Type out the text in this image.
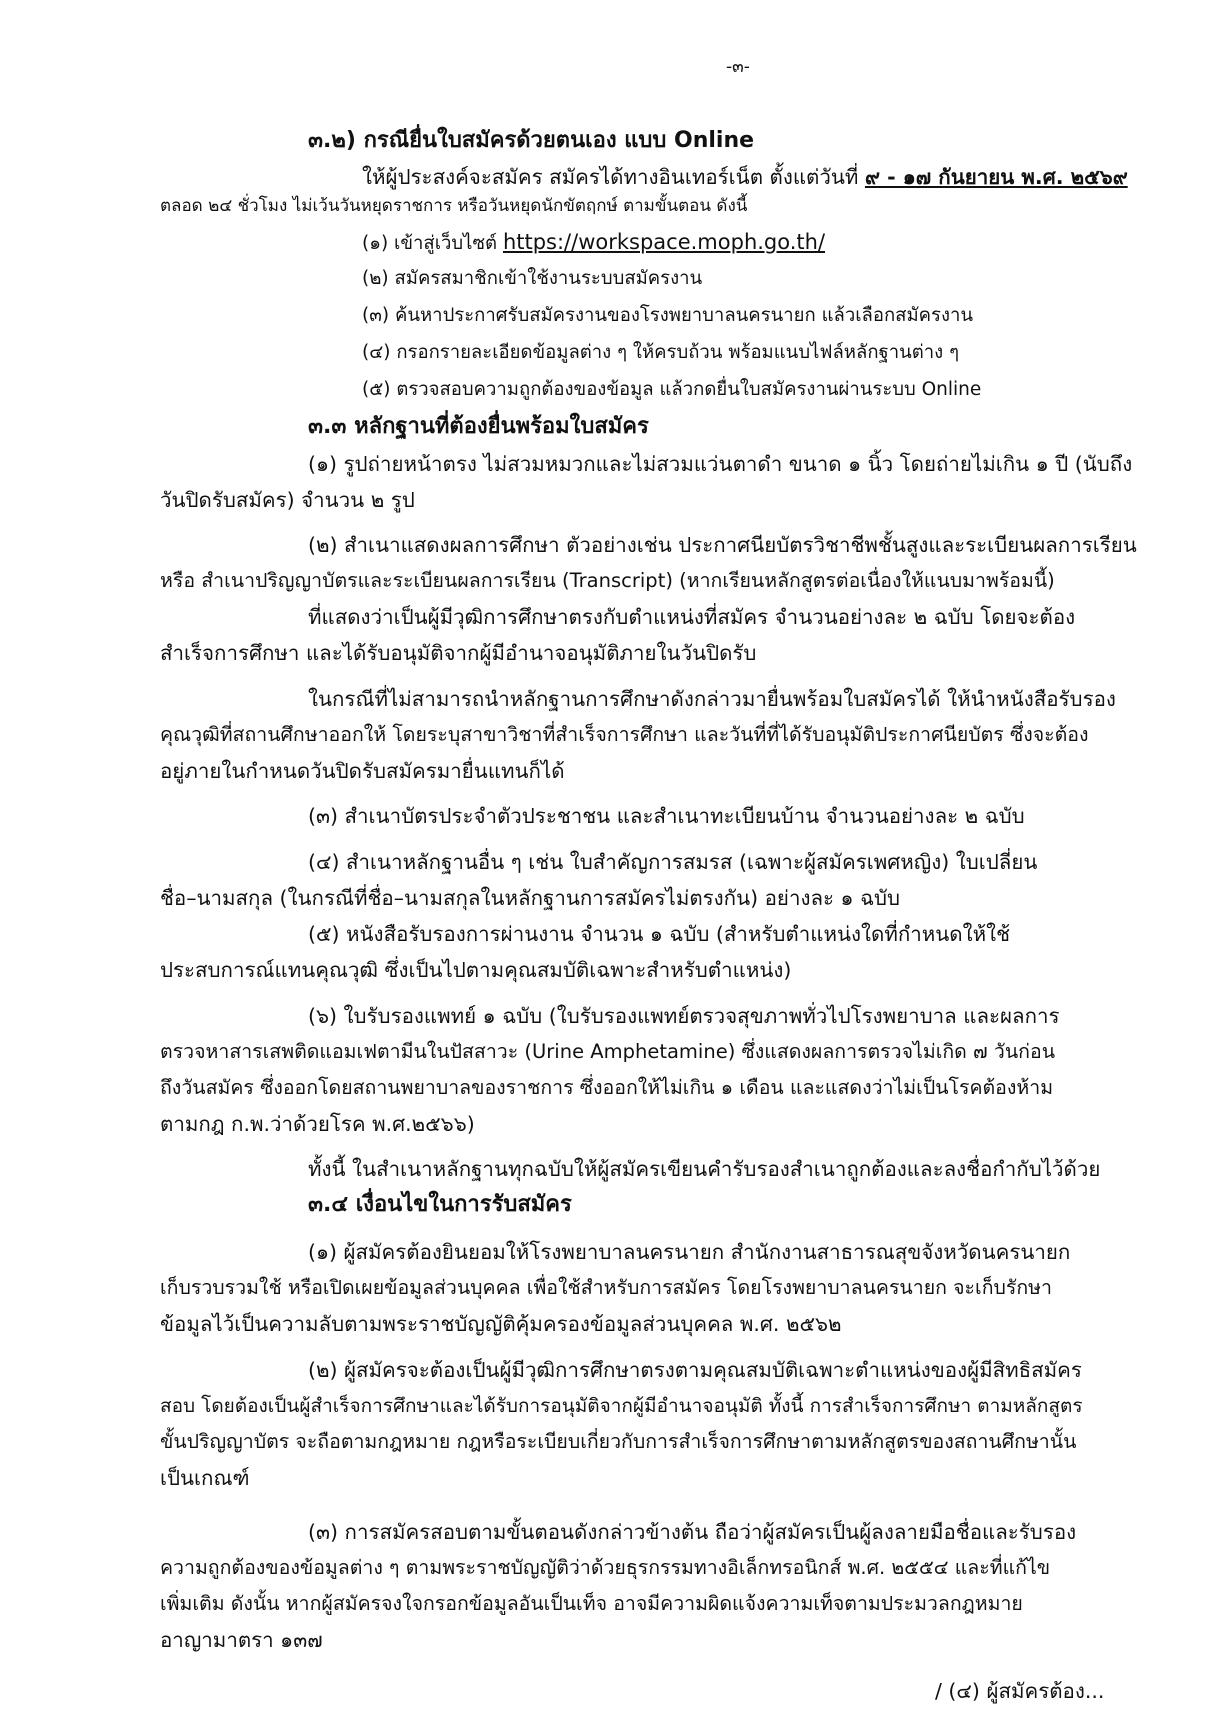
-๓-
๓.๒) กรณียื่นใบสมัครด้วยตนเอง แบบ Online
ให้ผู้ประสงค์จะสมัคร สมัครได้ทางอินเทอร์เน็ต ตั้งแต่วันที่ ๙ - ๑๗ กันยายน พ.ศ. ๒๕๖๙
ตลอด ๒๔ ชั่วโมง ไม่เว้นวันหยุดราชการ หรือวันหยุดนักขัตฤกษ์ ตามขั้นตอน ดังนี้
(๑) เข้าสู่เว็บไซต์ https://workspace.moph.go.th/
(๒) สมัครสมาชิกเข้าใช้งานระบบสมัครงาน
(๓) ค้นหาประกาศรับสมัครงานของโรงพยาบาลนครนายก แล้วเลือกสมัครงาน
(๔) กรอกรายละเอียดข้อมูลต่าง ๆ ให้ครบถ้วน พร้อมแนบไฟล์หลักฐานต่าง ๆ
(๕) ตรวจสอบความถูกต้องของข้อมูล แล้วกดยื่นใบสมัครงานผ่านระบบ Online
๓.๓ หลักฐานที่ต้องยื่นพร้อมใบสมัคร
(๑) รูปถ่ายหน้าตรง ไม่สวมหมวกและไม่สวมแว่นตาดำ ขนาด ๑ นิ้ว โดยถ่ายไม่เกิน ๑ ปี (นับถึง
วันปิดรับสมัคร) จำนวน ๒ รูป
(๒) สำเนาแสดงผลการศึกษา ตัวอย่างเช่น ประกาศนียบัตรวิชาชีพชั้นสูงและระเบียนผลการเรียน
หรือ สำเนาปริญญาบัตรและระเบียนผลการเรียน (Transcript) (หากเรียนหลักสูตรต่อเนื่องให้แนบมาพร้อมนี้)
ที่แสดงว่าเป็นผู้มีวุฒิการศึกษาตรงกับตำแหน่งที่สมัคร จำนวนอย่างละ ๒ ฉบับ โดยจะต้อง
สำเร็จการศึกษา และได้รับอนุมัติจากผู้มีอำนาจอนุมัติภายในวันปิดรับ
ในกรณีที่ไม่สามารถนำหลักฐานการศึกษาดังกล่าวมายื่นพร้อมใบสมัครได้ ให้นำหนังสือรับรอง
คุณวุฒิที่สถานศึกษาออกให้ โดยระบุสาขาวิชาที่สำเร็จการศึกษา และวันที่ที่ได้รับอนุมัติประกาศนียบัตร ซึ่งจะต้อง
อยู่ภายในกำหนดวันปิดรับสมัครมายื่นแทนก็ได้
(๓) สำเนาบัตรประจำตัวประชาชน และสำเนาทะเบียนบ้าน จำนวนอย่างละ ๒ ฉบับ
(๔) สำเนาหลักฐานอื่น ๆ เช่น ใบสำคัญการสมรส (เฉพาะผู้สมัครเพศหญิง) ใบเปลี่ยน
ชื่อ–นามสกุล (ในกรณีที่ชื่อ–นามสกุลในหลักฐานการสมัครไม่ตรงกัน) อย่างละ ๑ ฉบับ
(๕) หนังสือรับรองการผ่านงาน จำนวน ๑ ฉบับ (สำหรับตำแหน่งใดที่กำหนดให้ใช้
ประสบการณ์แทนคุณวุฒิ ซึ่งเป็นไปตามคุณสมบัติเฉพาะสำหรับตำแหน่ง)
(๖) ใบรับรองแพทย์ ๑ ฉบับ (ใบรับรองแพทย์ตรวจสุขภาพทั่วไปโรงพยาบาล และผลการ
ตรวจหาสารเสพติดแอมเฟตามีนในปัสสาวะ (Urine Amphetamine) ซึ่งแสดงผลการตรวจไม่เกิด ๗ วันก่อน
ถึงวันสมัคร ซึ่งออกโดยสถานพยาบาลของราชการ ซึ่งออกให้ไม่เกิน ๑ เดือน และแสดงว่าไม่เป็นโรคต้องห้าม
ตามกฎ ก.พ.ว่าด้วยโรค พ.ศ.๒๕๖๖)
ทั้งนี้ ในสำเนาหลักฐานทุกฉบับให้ผู้สมัครเขียนคำรับรองสำเนาถูกต้องและลงชื่อกำกับไว้ด้วย
๓.๔ เงื่อนไขในการรับสมัคร
(๑) ผู้สมัครต้องยินยอมให้โรงพยาบาลนครนายก สำนักงานสาธารณสุขจังหวัดนครนายก
เก็บรวบรวมใช้ หรือเปิดเผยข้อมูลส่วนบุคคล เพื่อใช้สำหรับการสมัคร โดยโรงพยาบาลนครนายก จะเก็บรักษา
ข้อมูลไว้เป็นความลับตามพระราชบัญญัติคุ้มครองข้อมูลส่วนบุคคล พ.ศ. ๒๕๖๒
(๒) ผู้สมัครจะต้องเป็นผู้มีวุฒิการศึกษาตรงตามคุณสมบัติเฉพาะตำแหน่งของผู้มีสิทธิสมัคร
สอบ โดยต้องเป็นผู้สำเร็จการศึกษาและได้รับการอนุมัติจากผู้มีอำนาจอนุมัติ ทั้งนี้ การสำเร็จการศึกษา ตามหลักสูตร
ขั้นปริญญาบัตร จะถือตามกฎหมาย กฎหรือระเบียบเกี่ยวกับการสำเร็จการศึกษาตามหลักสูตรของสถานศึกษานั้น
เป็นเกณฑ์
(๓) การสมัครสอบตามขั้นตอนดังกล่าวข้างต้น ถือว่าผู้สมัครเป็นผู้ลงลายมือชื่อและรับรอง
ความถูกต้องของข้อมูลต่าง ๆ ตามพระราชบัญญัติว่าด้วยธุรกรรมทางอิเล็กทรอนิกส์ พ.ศ. ๒๕๕๔ และที่แก้ไข
เพิ่มเติม ดังนั้น หากผู้สมัครจงใจกรอกข้อมูลอันเป็นเท็จ อาจมีความผิดแจ้งความเท็จตามประมวลกฎหมาย
อาญามาตรา ๑๓๗
/ (๔) ผู้สมัครต้อง...
